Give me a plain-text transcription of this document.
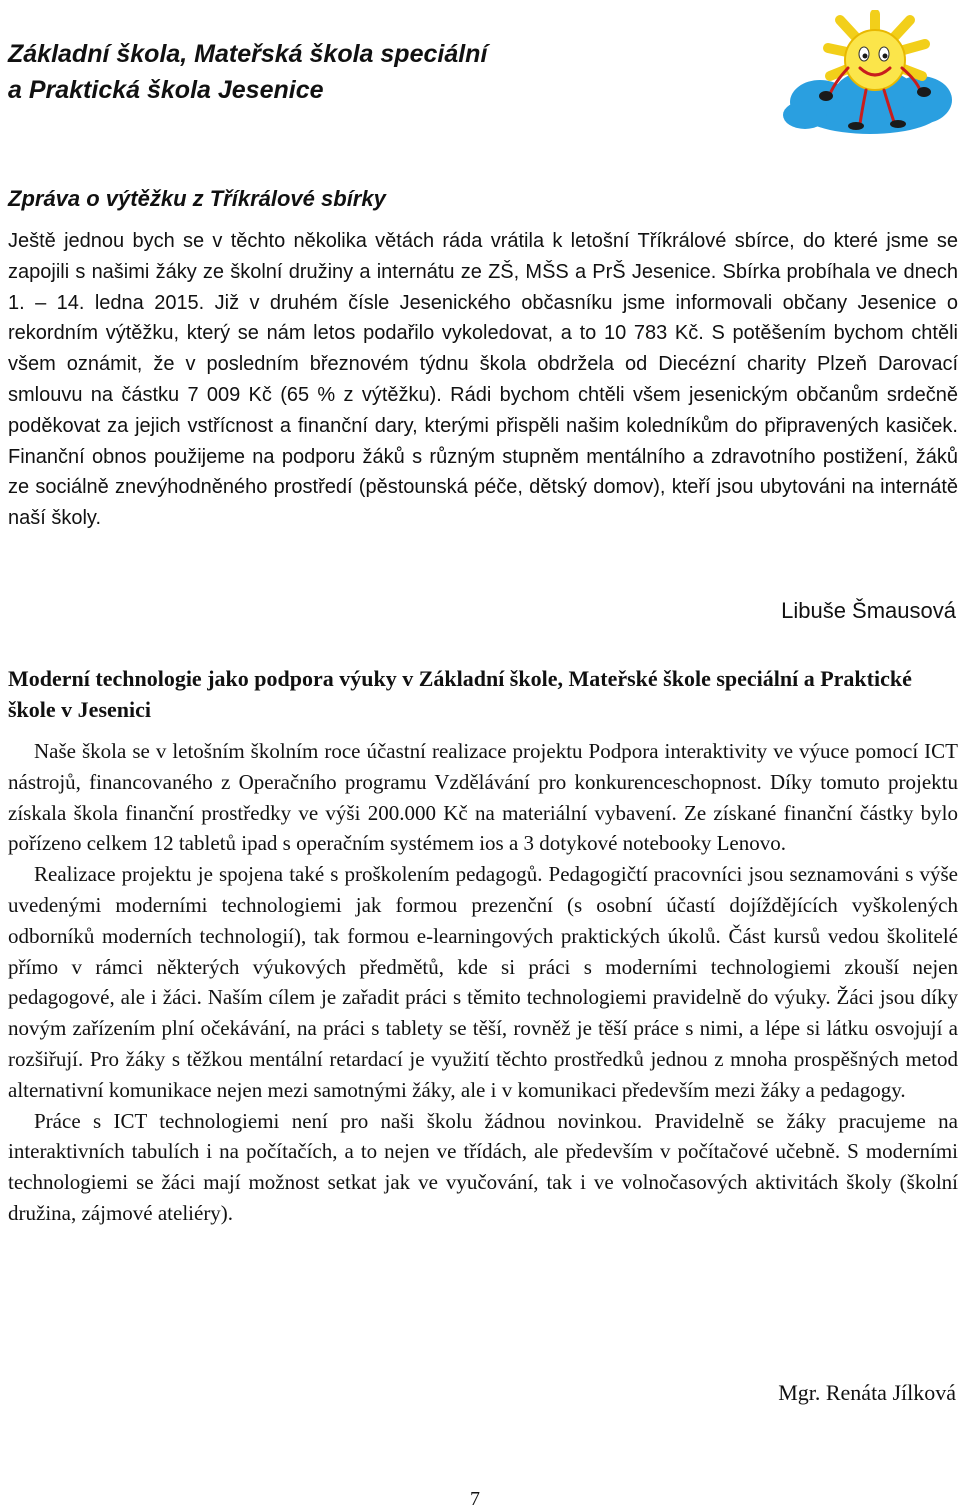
Základní škola, Mateřská škola speciální
a Praktická škola Jesenice
Zpráva o výtěžku z Tříkrálové sbírky

Ještě jednou bych se v těchto několika větách ráda vrátila k letošní Tříkrálové sbírce, do které jsme se zapojili s našimi žáky ze školní družiny a internátu ze ZŠ, MŠS a PrŠ Jesenice. Sbírka probíhala ve dnech 1. – 14. ledna 2015. Již v druhém čísle Jesenického občasníku jsme informovali občany Jesenice o rekordním výtěžku, který se nám letos podařilo vykoledovat, a to 10 783 Kč. S potěšením bychom chtěli všem oznámit, že v posledním březnovém týdnu škola obdržela od Diecézní charity Plzeň Darovací smlouvu na částku 7 009 Kč (65 % z výtěžku). Rádi bychom chtěli všem jesenickým občanům srdečně poděkovat za jejich vstřícnost a finanční dary, kterými přispěli našim koledníkům do připravených kasiček. Finanční obnos použijeme na podporu žáků s různým stupněm mentálního a zdravotního postižení, žáků ze sociálně znevýhodněného prostředí (pěstounská péče, dětský domov), kteří jsou ubytováni na internátě naší školy.

Libuše Šmausová
Moderní technologie jako podpora výuky v Základní škole, Mateřské škole speciální a Praktické škole v Jesenici

Naše škola se v letošním školním roce účastní realizace projektu Podpora interaktivity ve výuce pomocí ICT nástrojů, financovaného z Operačního programu Vzdělávání pro konkurenceschopnost. Díky tomuto projektu získala škola finanční prostředky ve výši 200.000 Kč na materiální vybavení. Ze získané finanční částky bylo pořízeno celkem 12 tabletů ipad s operačním systémem ios a 3 dotykové notebooky Lenovo.

Realizace projektu je spojena také s proškolením pedagogů. Pedagogičtí pracovníci jsou seznamováni s výše uvedenými moderními technologiemi jak formou prezenční (s osobní účastí dojíždějících vyškolených odborníků moderních technologií), tak formou e-learningových praktických úkolů. Část kursů vedou školitelé přímo v rámci některých výukových předmětů, kde si práci s moderními technologiemi zkouší nejen pedagogové, ale i žáci. Naším cílem je zařadit práci s těmito technologiemi pravidelně do výuky. Žáci jsou díky novým zařízením plní očekávání, na práci s tablety se těší, rovněž je těší práce s nimi, a lépe si látku osvojují a rozšiřují. Pro žáky s těžkou mentální retardací je využití těchto prostředků jednou z mnoha prospěšných metod alternativní komunikace nejen mezi samotnými žáky, ale i v komunikaci především mezi žáky a pedagogy.

Práce s ICT technologiemi není pro naši školu žádnou novinkou. Pravidelně se žáky pracujeme na interaktivních tabulích i na počítačích, a to nejen ve třídách, ale především v počítačové učebně. S moderními technologiemi se žáci mají možnost setkat jak ve vyučování, tak i ve volnočasových aktivitách školy (školní družina, zájmové ateliéry).

Mgr. Renáta Jílková
7
